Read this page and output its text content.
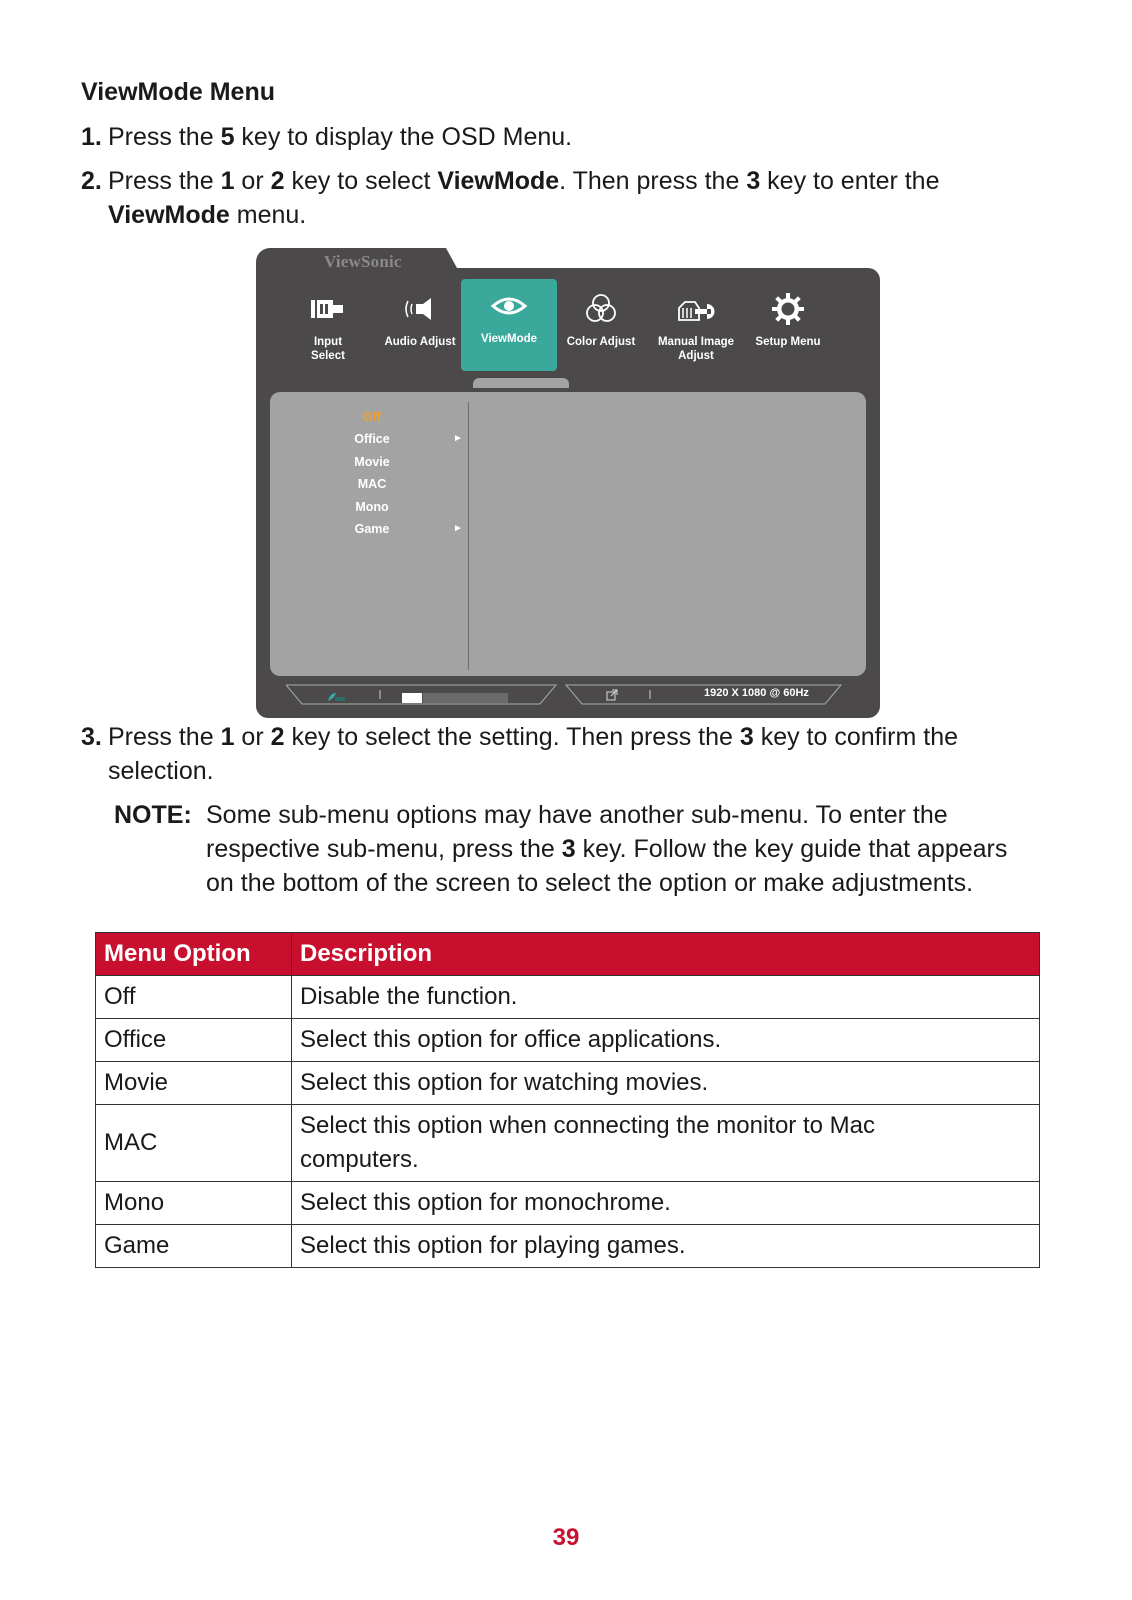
ViewMode Menu
1. Press the 5 key to display the OSD Menu.
2. Press the 1 or 2 key to select ViewMode. Then press the 3 key to enter the
ViewMode menu.
ViewSonic
Input
Select
Audio Adjust	ViewMode	Color Adjust	Manual Image
Adjust
Setup Menu
Off
Office	►
Movie
MAC
Mono
Game	►
1920 X 1080 @ 60Hz
3. Press the 1 or 2 key to select the setting. Then press the 3 key to confirm the
selection.
NOTE: Some sub-menu options may have another sub-menu. To enter the
respective sub-menu, press the 3 key. Follow the key guide that appears
on the bottom of the screen to select the option or make adjustments.
Menu Option	Description
Off	Disable the function.
Office	Select this option for office applications.
Movie	Select this option for watching movies.
MAC	Select this option when connecting the monitor to Mac
computers.
Mono	Select this option for monochrome.
Game	Select this option for playing games.
39
